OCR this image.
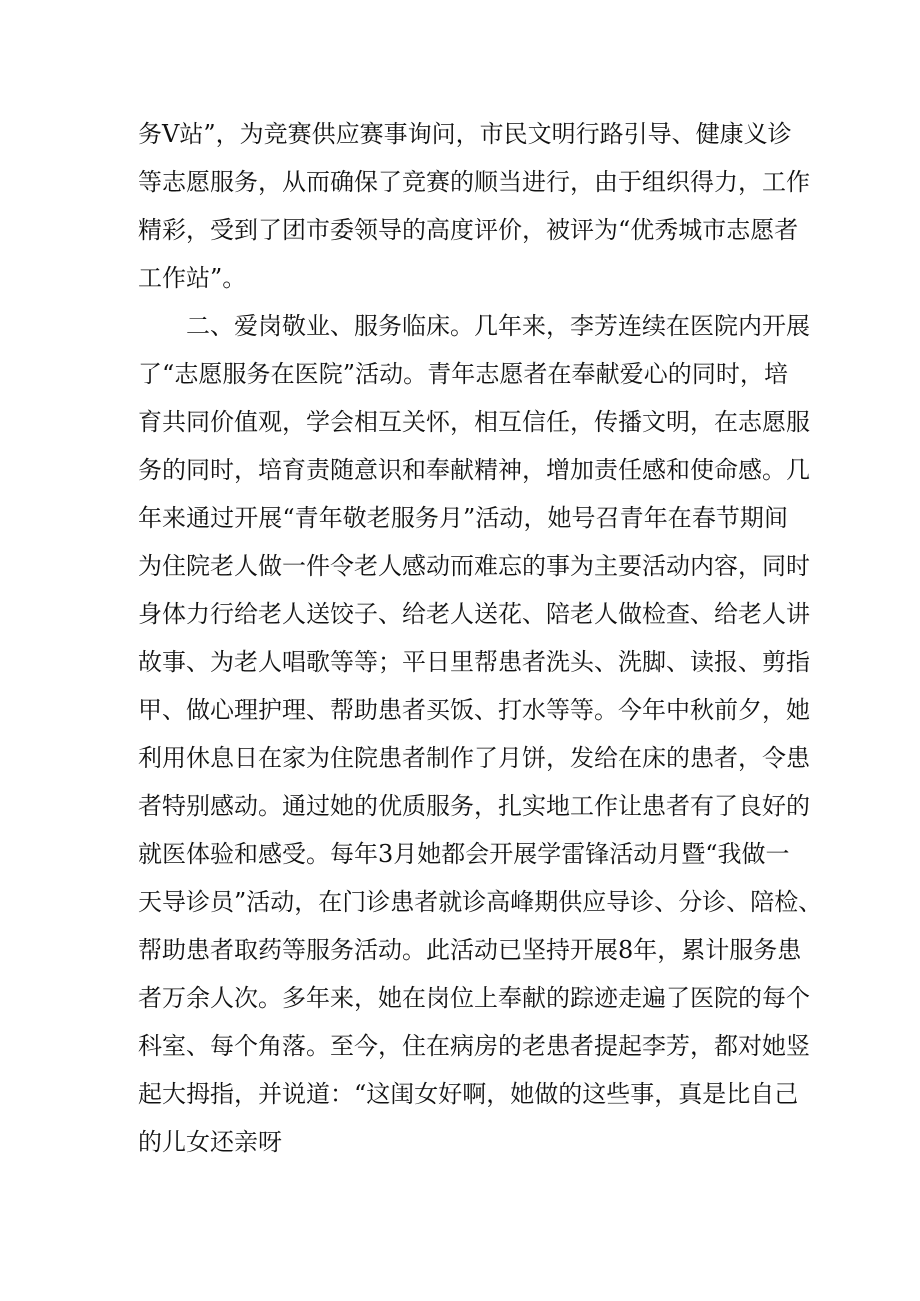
务V站”，为竞赛供应赛事询问，市民文明行路引导、健康义诊
等志愿服务，从而确保了竞赛的顺当进行，由于组织得力，工作
精彩，受到了团市委领导的高度评价，被评为“优秀城市志愿者
工作站”。
　　二、爱岗敬业、服务临床。几年来，李芳连续在医院内开展
了“志愿服务在医院”活动。青年志愿者在奉献爱心的同时，培
育共同价值观，学会相互关怀，相互信任，传播文明，在志愿服
务的同时，培育责随意识和奉献精神，增加责任感和使命感。几
年来通过开展“青年敬老服务月”活动，她号召青年在春节期间
为住院老人做一件令老人感动而难忘的事为主要活动内容，同时
身体力行给老人送饺子、给老人送花、陪老人做检查、给老人讲
故事、为老人唱歌等等；平日里帮患者洗头、洗脚、读报、剪指
甲、做心理护理、帮助患者买饭、打水等等。今年中秋前夕，她
利用休息日在家为住院患者制作了月饼，发给在床的患者，令患
者特别感动。通过她的优质服务，扎实地工作让患者有了良好的
就医体验和感受。每年3月她都会开展学雷锋活动月暨“我做一
天导诊员”活动，在门诊患者就诊高峰期供应导诊、分诊、陪检、
帮助患者取药等服务活动。此活动已坚持开展8年，累计服务患
者万余人次。多年来，她在岗位上奉献的踪迹走遍了医院的每个
科室、每个角落。至今，住在病房的老患者提起李芳，都对她竖
起大拇指，并说道：“这闺女好啊，她做的这些事，真是比自己
的儿女还亲呀
